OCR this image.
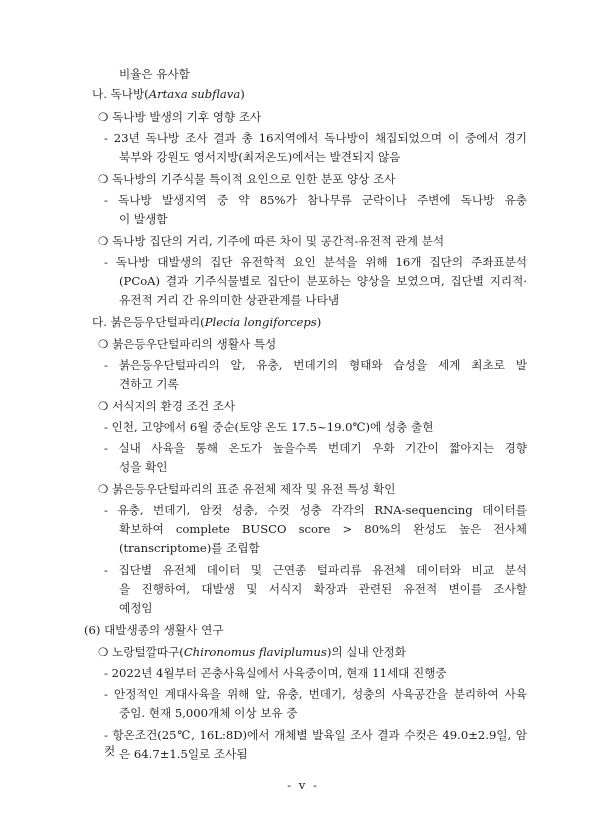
비율은 유사함
나. 독나방(Artaxa subflava)
❍ 독나방 발생의 기후 영향 조사
- 23년 독나방 조사 결과 총 16지역에서 독나방이 채집되었으며 이 중에서 경기
북부와 강원도 영서지방(최저온도)에서는 발견되지 않음
❍ 독나방의 기주식물 특이적 요인으로 인한 분포 양상 조사
- 독나방 발생지역 중 약 85%가 참나무류 군락이나 주변에 독나방 유충
이 발생함
❍ 독나방 집단의 거리, 기주에 따른 차이 및 공간적-유전적 관계 분석
- 독나방 대발생의 집단 유전학적 요인 분석을 위해 16개 집단의 주좌표분석
(PCoA) 결과 기주식물별로 집단이 분포하는 양상을 보였으며, 집단별 지리적·
유전적 거리 간 유의미한 상관관계를 나타냄
다. 붉은등우단털파리(Plecia longiforceps)
❍ 붉은등우단털파리의 생활사 특성
- 붉은등우단털파리의 알, 유충, 번데기의 형태와 습성을 세계 최초로 발
견하고 기록
❍ 서식지의 환경 조건 조사
- 인천, 고양에서 6월 중순(토양 온도 17.5~19.0℃)에 성충 출현
- 실내 사육을 통해 온도가 높을수록 번데기 우화 기간이 짧아지는 경향
성을 확인
❍ 붉은등우단털파리의 표준 유전체 제작 및 유전 특성 확인
- 유충, 번데기, 암컷 성충, 수컷 성충 각각의 RNA-sequencing 데이터를
확보하여 complete BUSCO score > 80%의 완성도 높은 전사체
(transcriptome)를 조립함
- 집단별 유전체 데이터 및 근연종 털파리류 유전체 데이터와 비교 분석
을 진행하여, 대발생 및 서식지 확장과 관련된 유전적 변이를 조사할
예정임
(6) 대발생종의 생활사 연구
❍ 노랑털깔따구(Chironomus flaviplumus)의 실내 안정화
- 2022년 4월부터 곤충사육실에서 사육중이며, 현재 11세대 진행중
- 안정적인 계대사육을 위해 알, 유충, 번데기, 성충의 사육공간을 분리하여 사육
중임. 현재 5,000개체 이상 보유 중
- 항온조건(25℃, 16L:8D)에서 개체별 발육일 조사 결과 수컷은 49.0±2.9일, 암컷 은 64.7±1.5일로 조사됨
- v -
